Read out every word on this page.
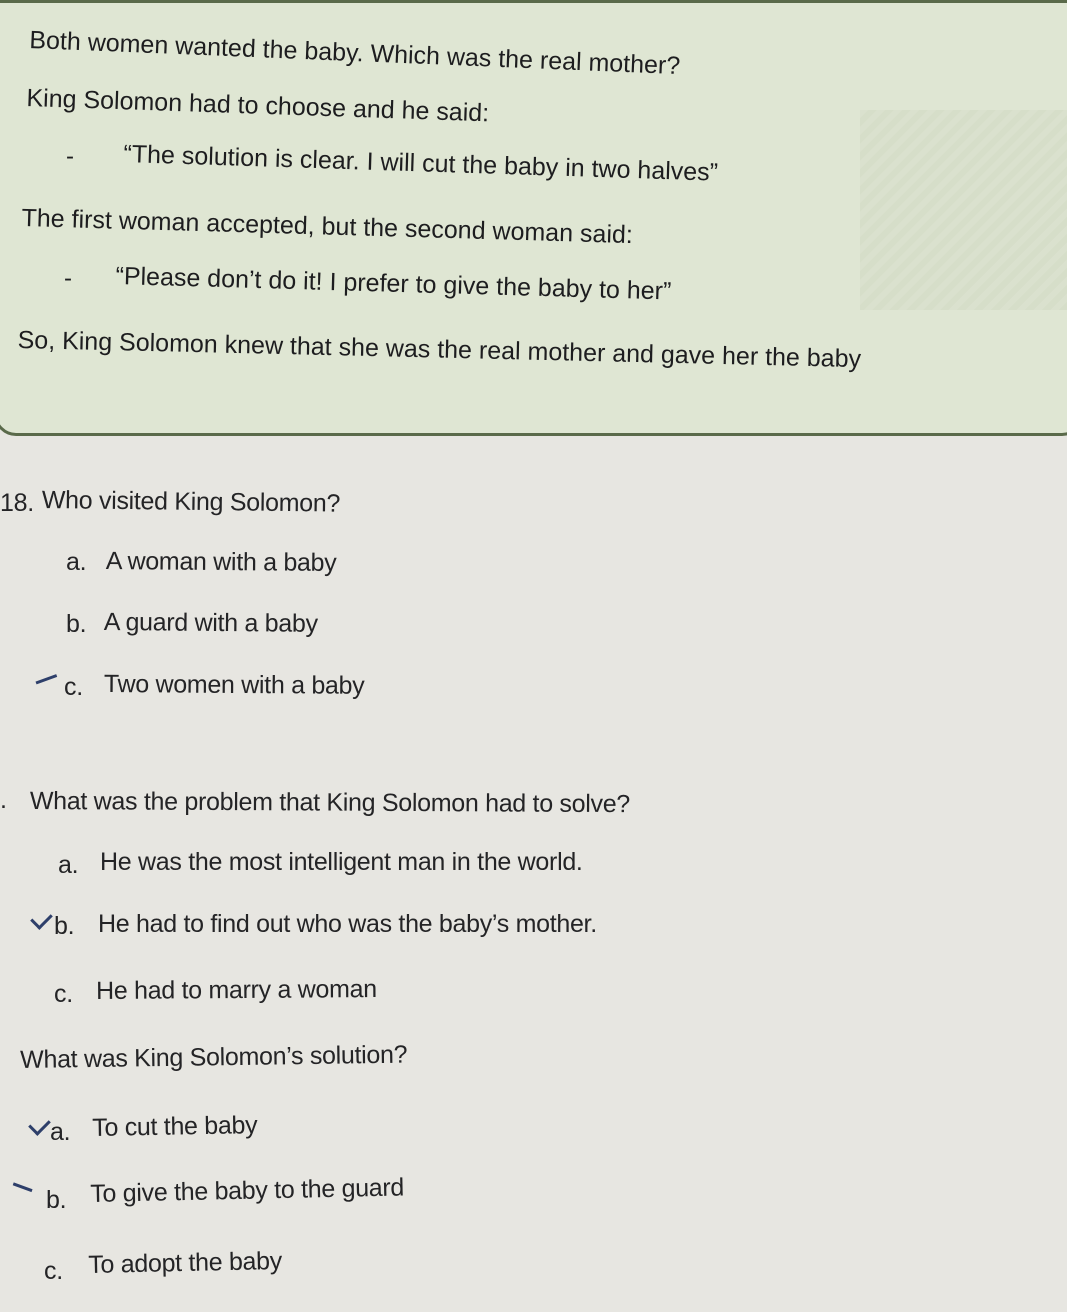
Both women wanted the baby. Which was the real mother?
King Solomon had to choose and he said:
- “The solution is clear. I will cut the baby in two halves”
The first woman accepted, but the second woman said:
- “Please don’t do it! I prefer to give the baby to her”
So, King Solomon knew that she was the real mother and gave her the baby
18. Who visited King Solomon?
a. A woman with a baby
b. A guard with a baby
c. Two women with a baby
. What was the problem that King Solomon had to solve?
a. He was the most intelligent man in the world.
b. He had to find out who was the baby’s mother.
c. He had to marry a woman
What was King Solomon’s solution?
a. To cut the baby
b. To give the baby to the guard
c. To adopt the baby
